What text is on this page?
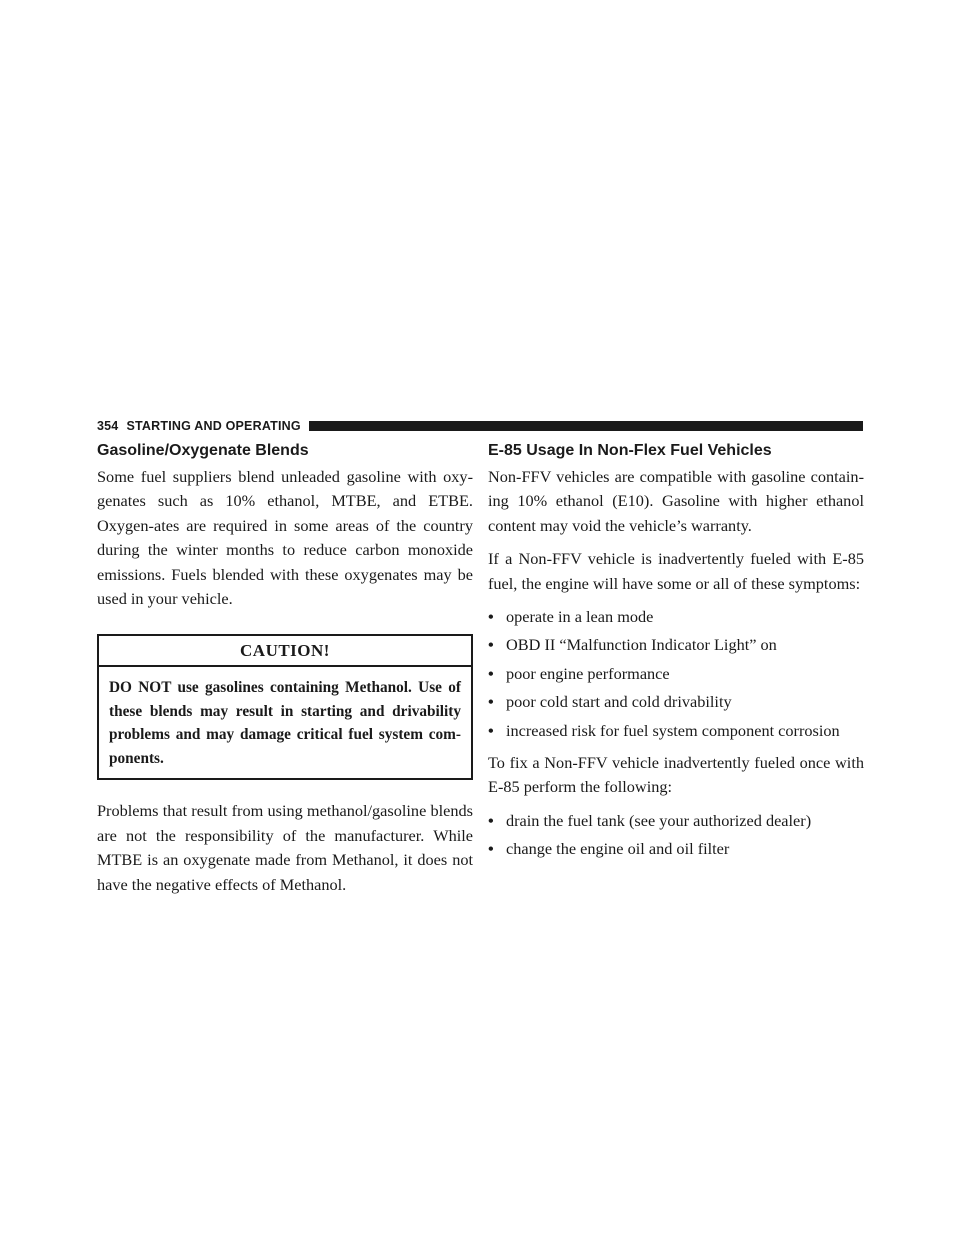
354 STARTING AND OPERATING
Gasoline/Oxygenate Blends

Some fuel suppliers blend unleaded gasoline with oxy-genates such as 10% ethanol, MTBE, and ETBE. Oxygen-ates are required in some areas of the country during the winter months to reduce carbon monoxide emissions. Fuels blended with these oxygenates may be used in your vehicle.

CAUTION!
DO NOT use gasolines containing Methanol. Use of these blends may result in starting and drivability problems and may damage critical fuel system com-ponents.

Problems that result from using methanol/gasoline blends are not the responsibility of the manufacturer. While MTBE is an oxygenate made from Methanol, it does not have the negative effects of Methanol.

E-85 Usage In Non-Flex Fuel Vehicles

Non-FFV vehicles are compatible with gasoline contain-ing 10% ethanol (E10). Gasoline with higher ethanol content may void the vehicle’s warranty.

If a Non-FFV vehicle is inadvertently fueled with E-85 fuel, the engine will have some or all of these symptoms:

• operate in a lean mode
• OBD II “Malfunction Indicator Light” on
• poor engine performance
• poor cold start and cold drivability
• increased risk for fuel system component corrosion

To fix a Non-FFV vehicle inadvertently fueled once with E-85 perform the following:

• drain the fuel tank (see your authorized dealer)
• change the engine oil and oil filter
